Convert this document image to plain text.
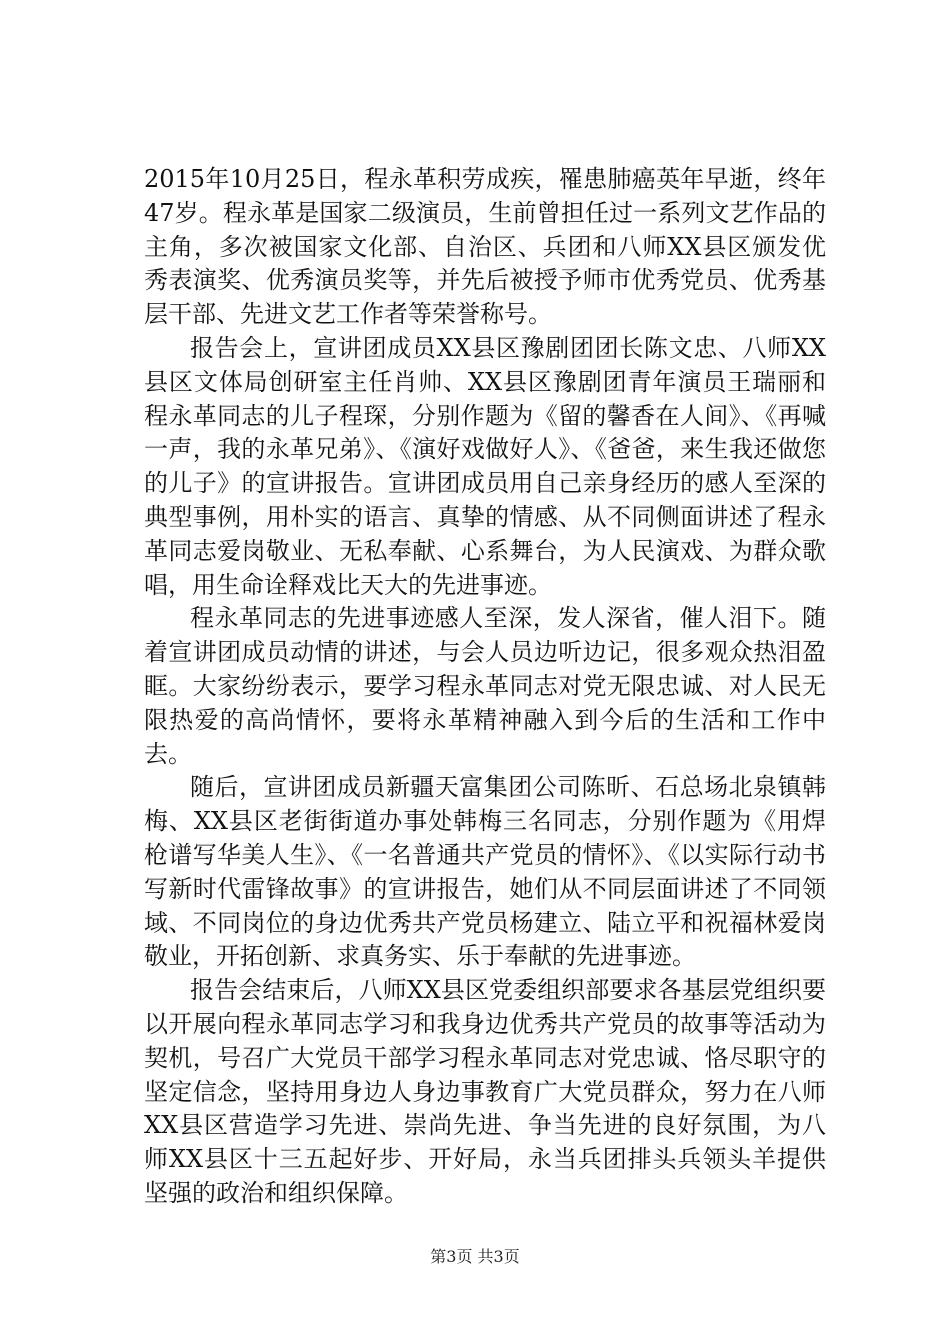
2015年10月25日，程永革积劳成疾，罹患肺癌英年早逝，终年47岁。程永革是国家二级演员，生前曾担任过一系列文艺作品的主角，多次被国家文化部、自治区、兵团和八师XX县区颁发优秀表演奖、优秀演员奖等，并先后被授予师市优秀党员、优秀基层干部、先进文艺工作者等荣誉称号。

报告会上，宣讲团成员XX县区豫剧团团长陈文忠、八师XX县区文体局创研室主任肖帅、XX县区豫剧团青年演员王瑞丽和程永革同志的儿子程琛，分别作题为《留的馨香在人间》、《再喊一声，我的永革兄弟》、《演好戏做好人》、《爸爸，来生我还做您的儿子》的宣讲报告。宣讲团成员用自己亲身经历的感人至深的典型事例，用朴实的语言、真挚的情感、从不同侧面讲述了程永革同志爱岗敬业、无私奉献、心系舞台，为人民演戏、为群众歌唱，用生命诠释戏比天大的先进事迹。

程永革同志的先进事迹感人至深，发人深省，催人泪下。随着宣讲团成员动情的讲述，与会人员边听边记，很多观众热泪盈眶。大家纷纷表示，要学习程永革同志对党无限忠诚、对人民无限热爱的高尚情怀，要将永革精神融入到今后的生活和工作中去。

随后，宣讲团成员新疆天富集团公司陈昕、石总场北泉镇韩梅、XX县区老街街道办事处韩梅三名同志，分别作题为《用焊枪谱写华美人生》、《一名普通共产党员的情怀》、《以实际行动书写新时代雷锋故事》的宣讲报告，她们从不同层面讲述了不同领域、不同岗位的身边优秀共产党员杨建立、陆立平和祝福林爱岗敬业，开拓创新、求真务实、乐于奉献的先进事迹。

报告会结束后，八师XX县区党委组织部要求各基层党组织要以开展向程永革同志学习和我身边优秀共产党员的故事等活动为契机，号召广大党员干部学习程永革同志对党忠诚、恪尽职守的坚定信念，坚持用身边人身边事教育广大党员群众，努力在八师XX县区营造学习先进、崇尚先进、争当先进的良好氛围，为八师XX县区十三五起好步、开好局，永当兵团排头兵领头羊提供坚强的政治和组织保障。

第3页 共3页
